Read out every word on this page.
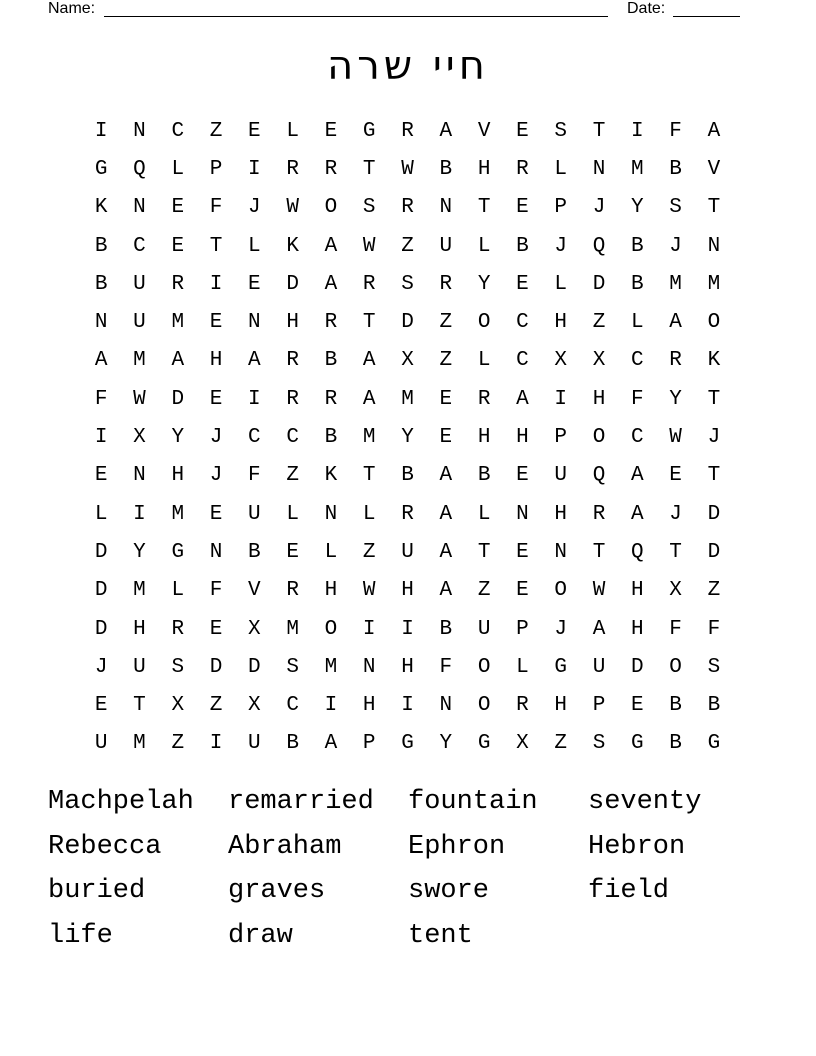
Name:	Date:
חיי שרה
I	N	C	Z	E	L	E	G	R	A	V	E	S	T	I	F	A
G	Q	L	P	I	R	R	T	W	B	H	R	L	N	M	B	V
K	N	E	F	J	W	O	S	R	N	T	E	P	J	Y	S	T
B	C	E	T	L	K	A	W	Z	U	L	B	J	Q	B	J	N
B	U	R	I	E	D	A	R	S	R	Y	E	L	D	B	M	M
N	U	M	E	N	H	R	T	D	Z	O	C	H	Z	L	A	O
A	M	A	H	A	R	B	A	X	Z	L	C	X	X	C	R	K
F	W	D	E	I	R	R	A	M	E	R	A	I	H	F	Y	T
I	X	Y	J	C	C	B	M	Y	E	H	H	P	O	C	W	J
E	N	H	J	F	Z	K	T	B	A	B	E	U	Q	A	E	T
L	I	M	E	U	L	N	L	R	A	L	N	H	R	A	J	D
D	Y	G	N	B	E	L	Z	U	A	T	E	N	T	Q	T	D
D	M	L	F	V	R	H	W	H	A	Z	E	O	W	H	X	Z
D	H	R	E	X	M	O	I	I	B	U	P	J	A	H	F	F
J	U	S	D	D	S	M	N	H	F	O	L	G	U	D	O	S
E	T	X	Z	X	C	I	H	I	N	O	R	H	P	E	B	B
U	M	Z	I	U	B	A	P	G	Y	G	X	Z	S	G	B	G
Machpelah	remarried	fountain	seventy
Rebecca	Abraham	Ephron	Hebron
buried	graves	swore	field
life	draw	tent
